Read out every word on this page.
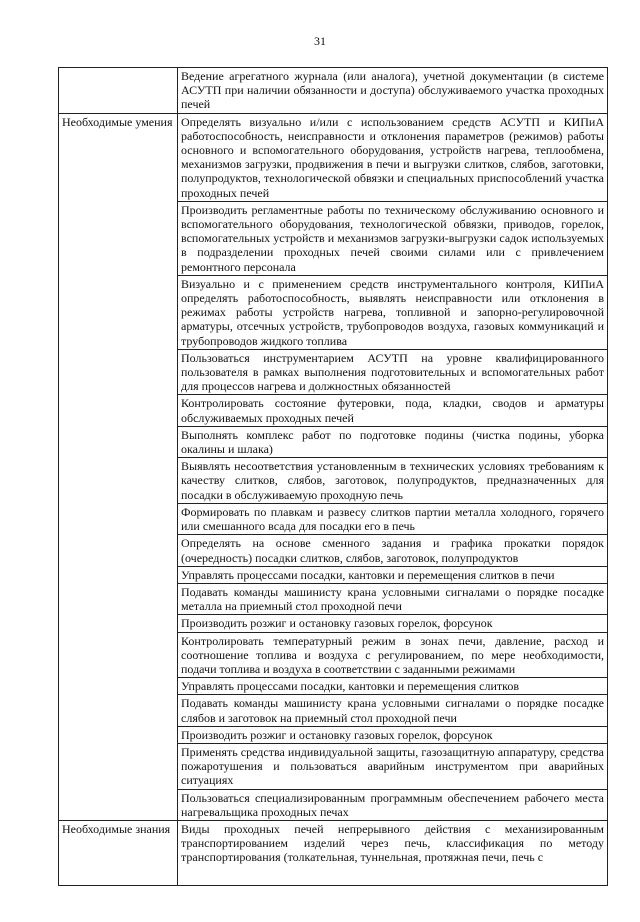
31
	Ведение агрегатного журнала (или аналога), учетной документации (в системе АСУТП при наличии обязанности и доступа) обслуживаемого участка проходных печей
Необходимые умения	Определять визуально и/или с использованием средств АСУТП и КИПиА работоспособность, неисправности и отклонения параметров (режимов) работы основного и вспомогательного оборудования, устройств нагрева, теплообмена, механизмов загрузки, продвижения в печи и выгрузки слитков, слябов, заготовки, полупродуктов, технологической обвязки и специальных приспособлений участка проходных печей
	Производить регламентные работы по техническому обслуживанию основного и вспомогательного оборудования, технологической обвязки, приводов, горелок, вспомогательных устройств и механизмов загрузки-выгрузки садок используемых в подразделении проходных печей своими силами или с привлечением ремонтного персонала
	Визуально и с применением средств инструментального контроля, КИПиА определять работоспособность, выявлять неисправности или отклонения в режимах работы устройств нагрева, топливной и запорно-регулировочной арматуры, отсечных устройств, трубопроводов воздуха, газовых коммуникаций и трубопроводов жидкого топлива
	Пользоваться инструментарием АСУТП на уровне квалифицированного пользователя в рамках выполнения подготовительных и вспомогательных работ для процессов нагрева и должностных обязанностей
	Контролировать состояние футеровки, пода, кладки, сводов и арматуры обслуживаемых проходных печей
	Выполнять комплекс работ по подготовке подины (чистка подины, уборка окалины и шлака)
	Выявлять несоответствия установленным в технических условиях требованиям к качеству слитков, слябов, заготовок, полупродуктов, предназначенных для посадки в обслуживаемую проходную печь
	Формировать по плавкам и развесу слитков партии металла холодного, горячего или смешанного всада для посадки его в печь
	Определять на основе сменного задания и графика прокатки порядок (очередность) посадки слитков, слябов, заготовок, полупродуктов
	Управлять процессами посадки, кантовки и перемещения слитков в печи
	Подавать команды машинисту крана условными сигналами о порядке посадке металла на приемный стол проходной печи
	Производить розжиг и остановку газовых горелок, форсунок
	Контролировать температурный режим в зонах печи, давление, расход и соотношение топлива и воздуха с регулированием, по мере необходимости, подачи топлива и воздуха в соответствии с заданными режимами
	Управлять процессами посадки, кантовки и перемещения слитков
	Подавать команды машинисту крана условными сигналами о порядке посадке слябов и заготовок на приемный стол проходной печи
	Производить розжиг и остановку газовых горелок, форсунок
	Применять средства индивидуальной защиты, газозащитную аппаратуру, средства пожаротушения и пользоваться аварийным инструментом при аварийных ситуациях
	Пользоваться специализированным программным обеспечением рабочего места нагревальщика проходных печах
Необходимые знания	Виды проходных печей непрерывного действия с механизированным транспортированием изделий через печь, классификация по методу транспортирования (толкательная, туннельная, протяжная печи, печь с
